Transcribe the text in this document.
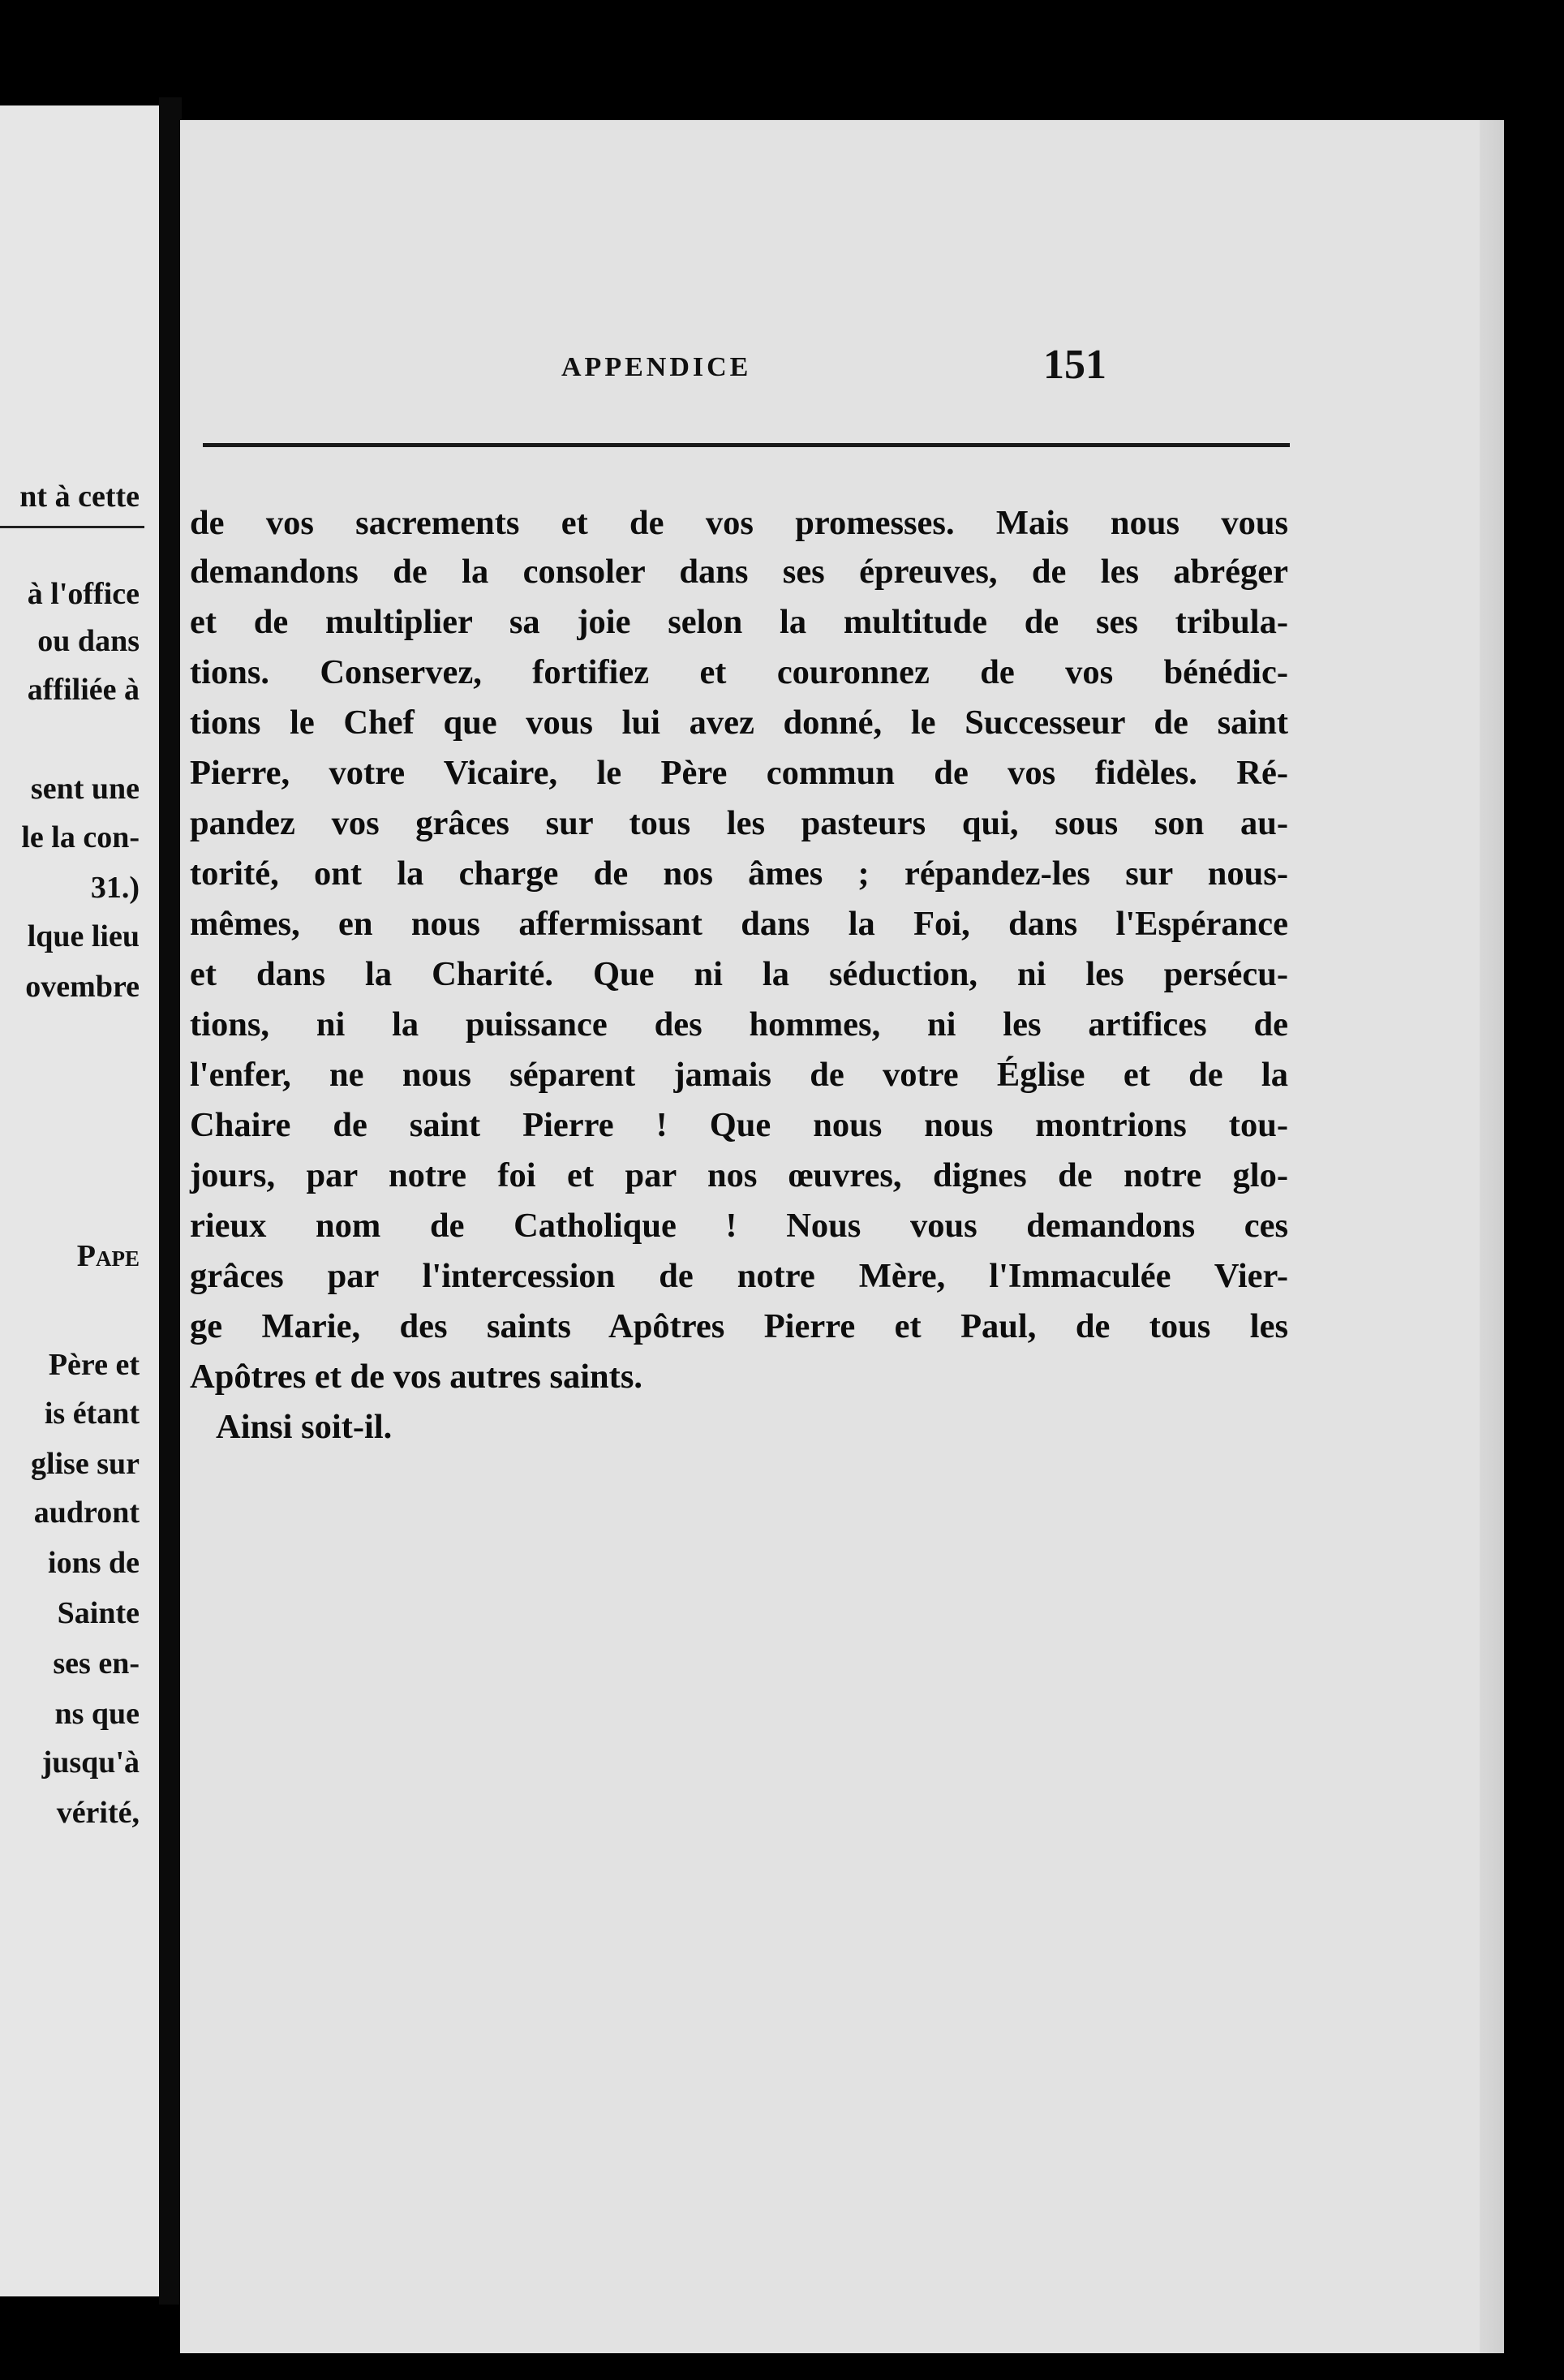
nt à cette
à l'office
ou dans
affiliée à
sent une
le la con-
31.)
lque lieu
ovembre
Pape
Père et
is étant
glise sur
audront
ions de
Sainte
ses en-
ns que
jusqu'à
vérité,
APPENDICE	151
de vos sacrements et de vos promesses. Mais nous vous
demandons de la consoler dans ses épreuves, de les abréger
et de multiplier sa joie selon la multitude de ses tribula-
tions. Conservez, fortifiez et couronnez de vos bénédic-
tions le Chef que vous lui avez donné, le Successeur de saint
Pierre, votre Vicaire, le Père commun de vos fidèles. Ré-
pandez vos grâces sur tous les pasteurs qui, sous son au-
torité, ont la charge de nos âmes ; répandez-les sur nous-
mêmes, en nous affermissant dans la Foi, dans l'Espérance
et dans la Charité. Que ni la séduction, ni les persécu-
tions, ni la puissance des hommes, ni les artifices de
l'enfer, ne nous séparent jamais de votre Église et de la
Chaire de saint Pierre ! Que nous nous montrions tou-
jours, par notre foi et par nos œuvres, dignes de notre glo-
rieux nom de Catholique ! Nous vous demandons ces
grâces par l'intercession de notre Mère, l'Immaculée Vier-
ge Marie, des saints Apôtres Pierre et Paul, de tous les
Apôtres et de vos autres saints.
Ainsi soit-il.
